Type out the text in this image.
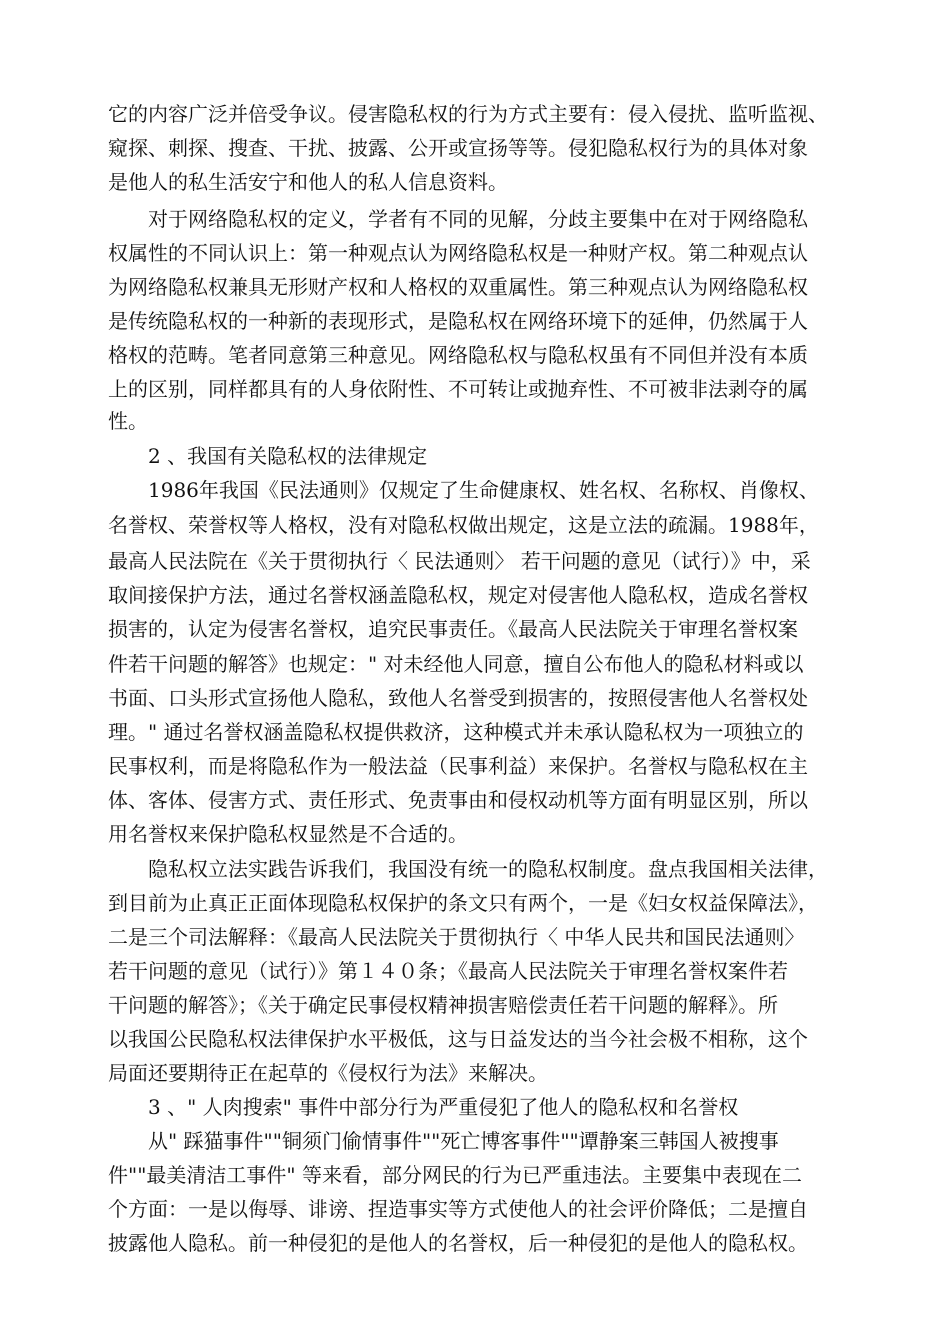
它的内容广泛并倍受争议。侵害隐私权的行为方式主要有：侵入侵扰、监听监视、
窥探、刺探、搜查、干扰、披露、公开或宣扬等等。侵犯隐私权行为的具体对象
是他人的私生活安宁和他人的私人信息资料。
对于网络隐私权的定义，学者有不同的见解，分歧主要集中在对于网络隐私
权属性的不同认识上：第一种观点认为网络隐私权是一种财产权。第二种观点认
为网络隐私权兼具无形财产权和人格权的双重属性。第三种观点认为网络隐私权
是传统隐私权的一种新的表现形式，是隐私权在网络环境下的延伸，仍然属于人
格权的范畴。笔者同意第三种意见。网络隐私权与隐私权虽有不同但并没有本质
上的区别，同样都具有的人身依附性、不可转让或抛弃性、不可被非法剥夺的属
性。
2 、我国有关隐私权的法律规定
1986年我国《民法通则》仅规定了生命健康权、姓名权、名称权、肖像权、
名誉权、荣誉权等人格权，没有对隐私权做出规定，这是立法的疏漏。1988年，
最高人民法院在《关于贯彻执行〈 民法通则〉 若干问题的意见（试行）》中，采
取间接保护方法，通过名誉权涵盖隐私权，规定对侵害他人隐私权，造成名誉权
损害的，认定为侵害名誉权，追究民事责任。《最高人民法院关于审理名誉权案
件若干问题的解答》也规定：" 对未经他人同意，擅自公布他人的隐私材料或以
书面、口头形式宣扬他人隐私，致他人名誉受到损害的，按照侵害他人名誉权处
理。" 通过名誉权涵盖隐私权提供救济，这种模式并未承认隐私权为一项独立的
民事权利，而是将隐私作为一般法益（民事利益）来保护。名誉权与隐私权在主
体、客体、侵害方式、责任形式、免责事由和侵权动机等方面有明显区别，所以
用名誉权来保护隐私权显然是不合适的。
隐私权立法实践告诉我们，我国没有统一的隐私权制度。盘点我国相关法律，
到目前为止真正正面体现隐私权保护的条文只有两个，一是《妇女权益保障法》，
二是三个司法解释：《最高人民法院关于贯彻执行〈 中华人民共和国民法通则〉
若干问题的意见（试行）》第１４０条；《最高人民法院关于审理名誉权案件若
干问题的解答》；《关于确定民事侵权精神损害赔偿责任若干问题的解释》。所
以我国公民隐私权法律保护水平极低，这与日益发达的当今社会极不相称，这个
局面还要期待正在起草的《侵权行为法》来解决。
3 、" 人肉搜索" 事件中部分行为严重侵犯了他人的隐私权和名誉权
从" 踩猫事件""铜须门偷情事件""死亡博客事件""谭静案三韩国人被搜事
件""最美清洁工事件" 等来看，部分网民的行为已严重违法。主要集中表现在二
个方面：一是以侮辱、诽谤、捏造事实等方式使他人的社会评价降低；二是擅自
披露他人隐私。前一种侵犯的是他人的名誉权，后一种侵犯的是他人的隐私权。
